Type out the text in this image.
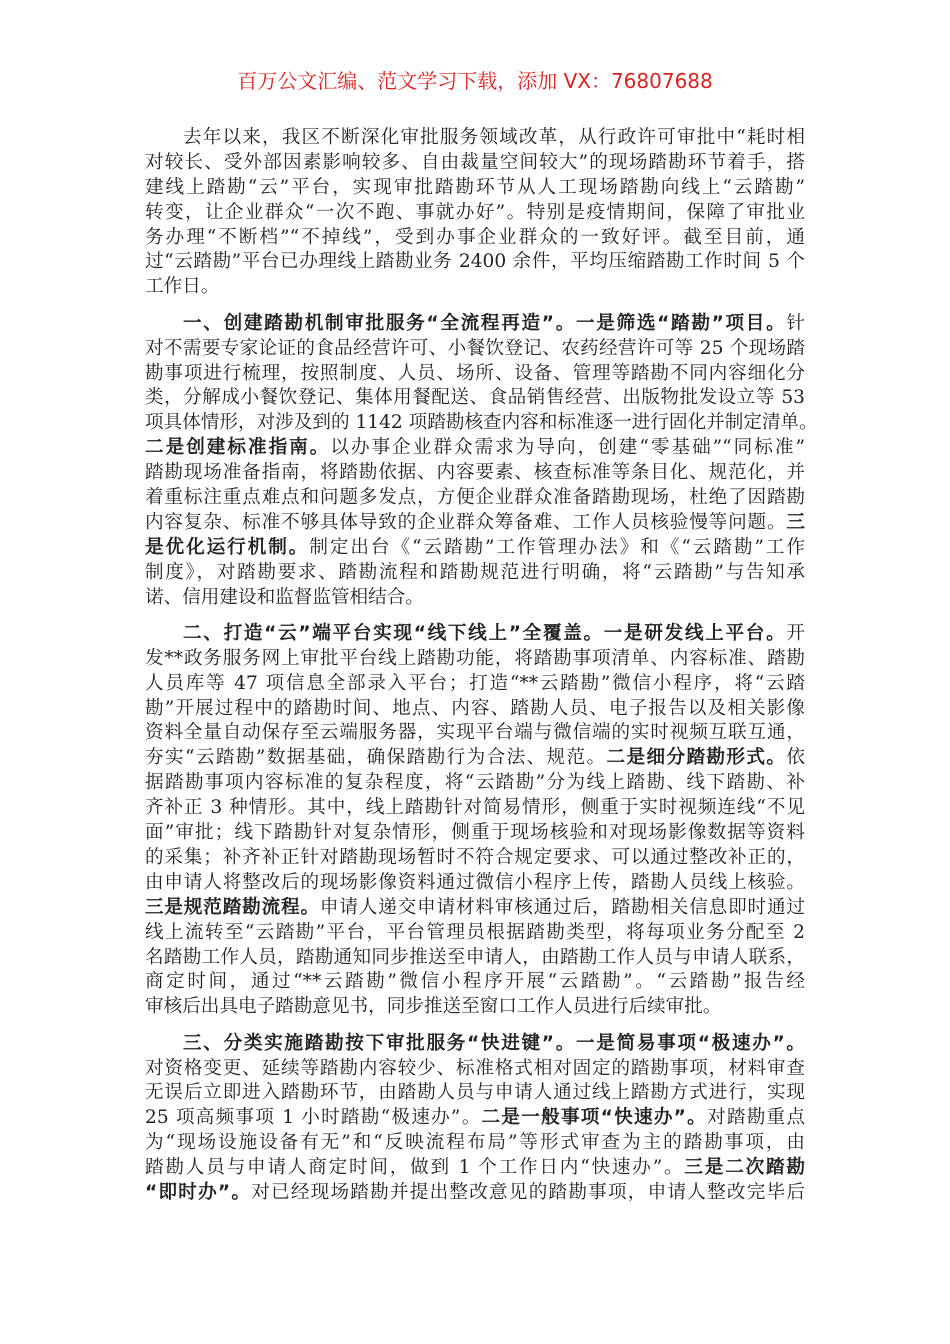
百万公文汇编、范文学习下载，添加 VX：76807688
去年以来，我区不断深化审批服务领域改革，从行政许可审批中“耗时相
对较长、受外部因素影响较多、自由裁量空间较大”的现场踏勘环节着手，搭
建线上踏勘“云”平台，实现审批踏勘环节从人工现场踏勘向线上“云踏勘”
转变，让企业群众“一次不跑、事就办好”。特别是疫情期间，保障了审批业
务办理“不断档”“不掉线”，受到办事企业群众的一致好评。截至目前，通
过“云踏勘”平台已办理线上踏勘业务 2400 余件，平均压缩踏勘工作时间 5 个
工作日。
一、创建踏勘机制审批服务“全流程再造”。一是筛选“踏勘”项目。针
对不需要专家论证的食品经营许可、小餐饮登记、农药经营许可等 25 个现场踏
勘事项进行梳理，按照制度、人员、场所、设备、管理等踏勘不同内容细化分
类，分解成小餐饮登记、集体用餐配送、食品销售经营、出版物批发设立等 53
项具体情形，对涉及到的 1142 项踏勘核查内容和标准逐一进行固化并制定清单。
二是创建标准指南。以办事企业群众需求为导向，创建“零基础”“同标准”
踏勘现场准备指南，将踏勘依据、内容要素、核查标准等条目化、规范化，并
着重标注重点难点和问题多发点，方便企业群众准备踏勘现场，杜绝了因踏勘
内容复杂、标准不够具体导致的企业群众筹备难、工作人员核验慢等问题。三
是优化运行机制。制定出台《“云踏勘”工作管理办法》和《“云踏勘”工作
制度》，对踏勘要求、踏勘流程和踏勘规范进行明确，将“云踏勘”与告知承
诺、信用建设和监督监管相结合。
二、打造“云”端平台实现“线下线上”全覆盖。一是研发线上平台。开
发**政务服务网上审批平台线上踏勘功能，将踏勘事项清单、内容标准、踏勘
人员库等 47 项信息全部录入平台；打造“**云踏勘”微信小程序，将“云踏
勘”开展过程中的踏勘时间、地点、内容、踏勘人员、电子报告以及相关影像
资料全量自动保存至云端服务器，实现平台端与微信端的实时视频互联互通，
夯实“云踏勘”数据基础，确保踏勘行为合法、规范。二是细分踏勘形式。依
据踏勘事项内容标准的复杂程度，将“云踏勘”分为线上踏勘、线下踏勘、补
齐补正 3 种情形。其中，线上踏勘针对简易情形，侧重于实时视频连线“不见
面”审批；线下踏勘针对复杂情形，侧重于现场核验和对现场影像数据等资料
的采集；补齐补正针对踏勘现场暂时不符合规定要求、可以通过整改补正的，
由申请人将整改后的现场影像资料通过微信小程序上传，踏勘人员线上核验。
三是规范踏勘流程。申请人递交申请材料审核通过后，踏勘相关信息即时通过
线上流转至“云踏勘”平台，平台管理员根据踏勘类型，将每项业务分配至 2
名踏勘工作人员，踏勘通知同步推送至申请人，由踏勘工作人员与申请人联系，
商定时间，通过“**云踏勘”微信小程序开展“云踏勘”。“云踏勘”报告经
审核后出具电子踏勘意见书，同步推送至窗口工作人员进行后续审批。
三、分类实施踏勘按下审批服务“快进键”。一是简易事项“极速办”。
对资格变更、延续等踏勘内容较少、标准格式相对固定的踏勘事项，材料审查
无误后立即进入踏勘环节，由踏勘人员与申请人通过线上踏勘方式进行，实现
25 项高频事项 1 小时踏勘“极速办”。二是一般事项“快速办”。对踏勘重点
为“现场设施设备有无”和“反映流程布局”等形式审查为主的踏勘事项，由
踏勘人员与申请人商定时间，做到 1 个工作日内“快速办”。三是二次踏勘
“即时办”。对已经现场踏勘并提出整改意见的踏勘事项，申请人整改完毕后
